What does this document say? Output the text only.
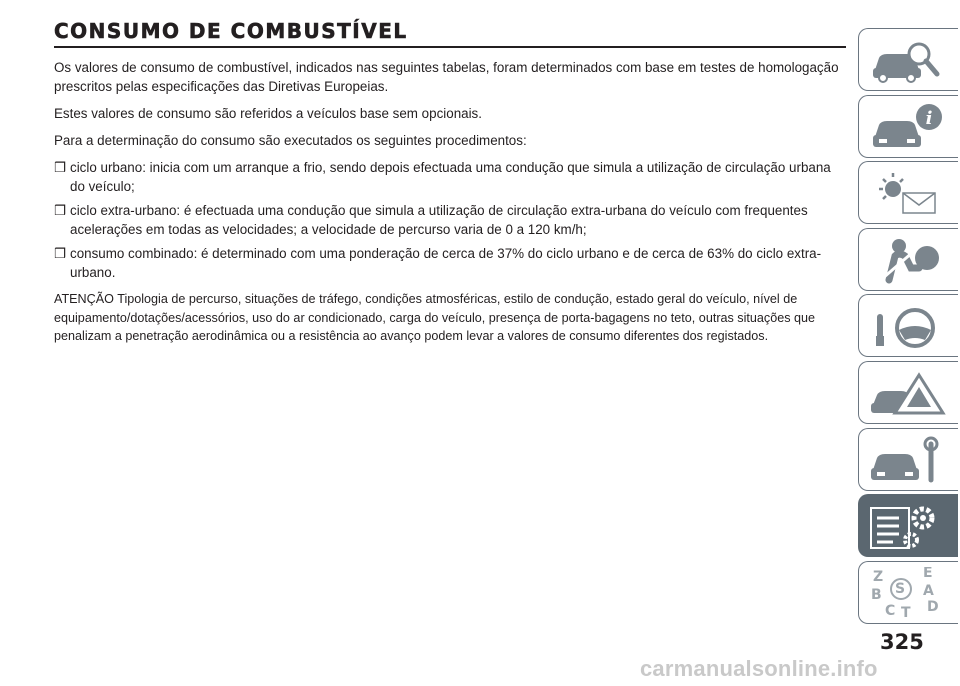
CONSUMO DE COMBUSTÍVEL

Os valores de consumo de combustível, indicados nas seguintes tabelas, foram determinados com base em testes de homologação prescritos pelas especificações das Diretivas Europeias.

Estes valores de consumo são referidos a veículos base sem opcionais.

Para a determinação do consumo são executados os seguintes procedimentos:

❒ ciclo urbano: inicia com um arranque a frio, sendo depois efectuada uma condução que simula a utilização de circulação urbana do veículo;
❒ ciclo extra-urbano: é efectuada uma condução que simula a utilização de circulação extra-urbana do veículo com frequentes acelerações em todas as velocidades; a velocidade de percurso varia de 0 a 120 km/h;
❒ consumo combinado: é determinado com uma ponderação de cerca de 37% do ciclo urbano e de cerca de 63% do ciclo extra-urbano.

ATENÇÃO Tipologia de percurso, situações de tráfego, condições atmosféricas, estilo de condução, estado geral do veículo, nível de equipamento/dotações/acessórios, uso do ar condicionado, carga do veículo, presença de porta-bagagens no teto, outras situações que penalizam a penetração aerodinâmica ou a resistência ao avanço podem levar a valores de consumo diferentes dos registados.

i
Z	E
B S A
C D
T
325
carmanualsonline.info
